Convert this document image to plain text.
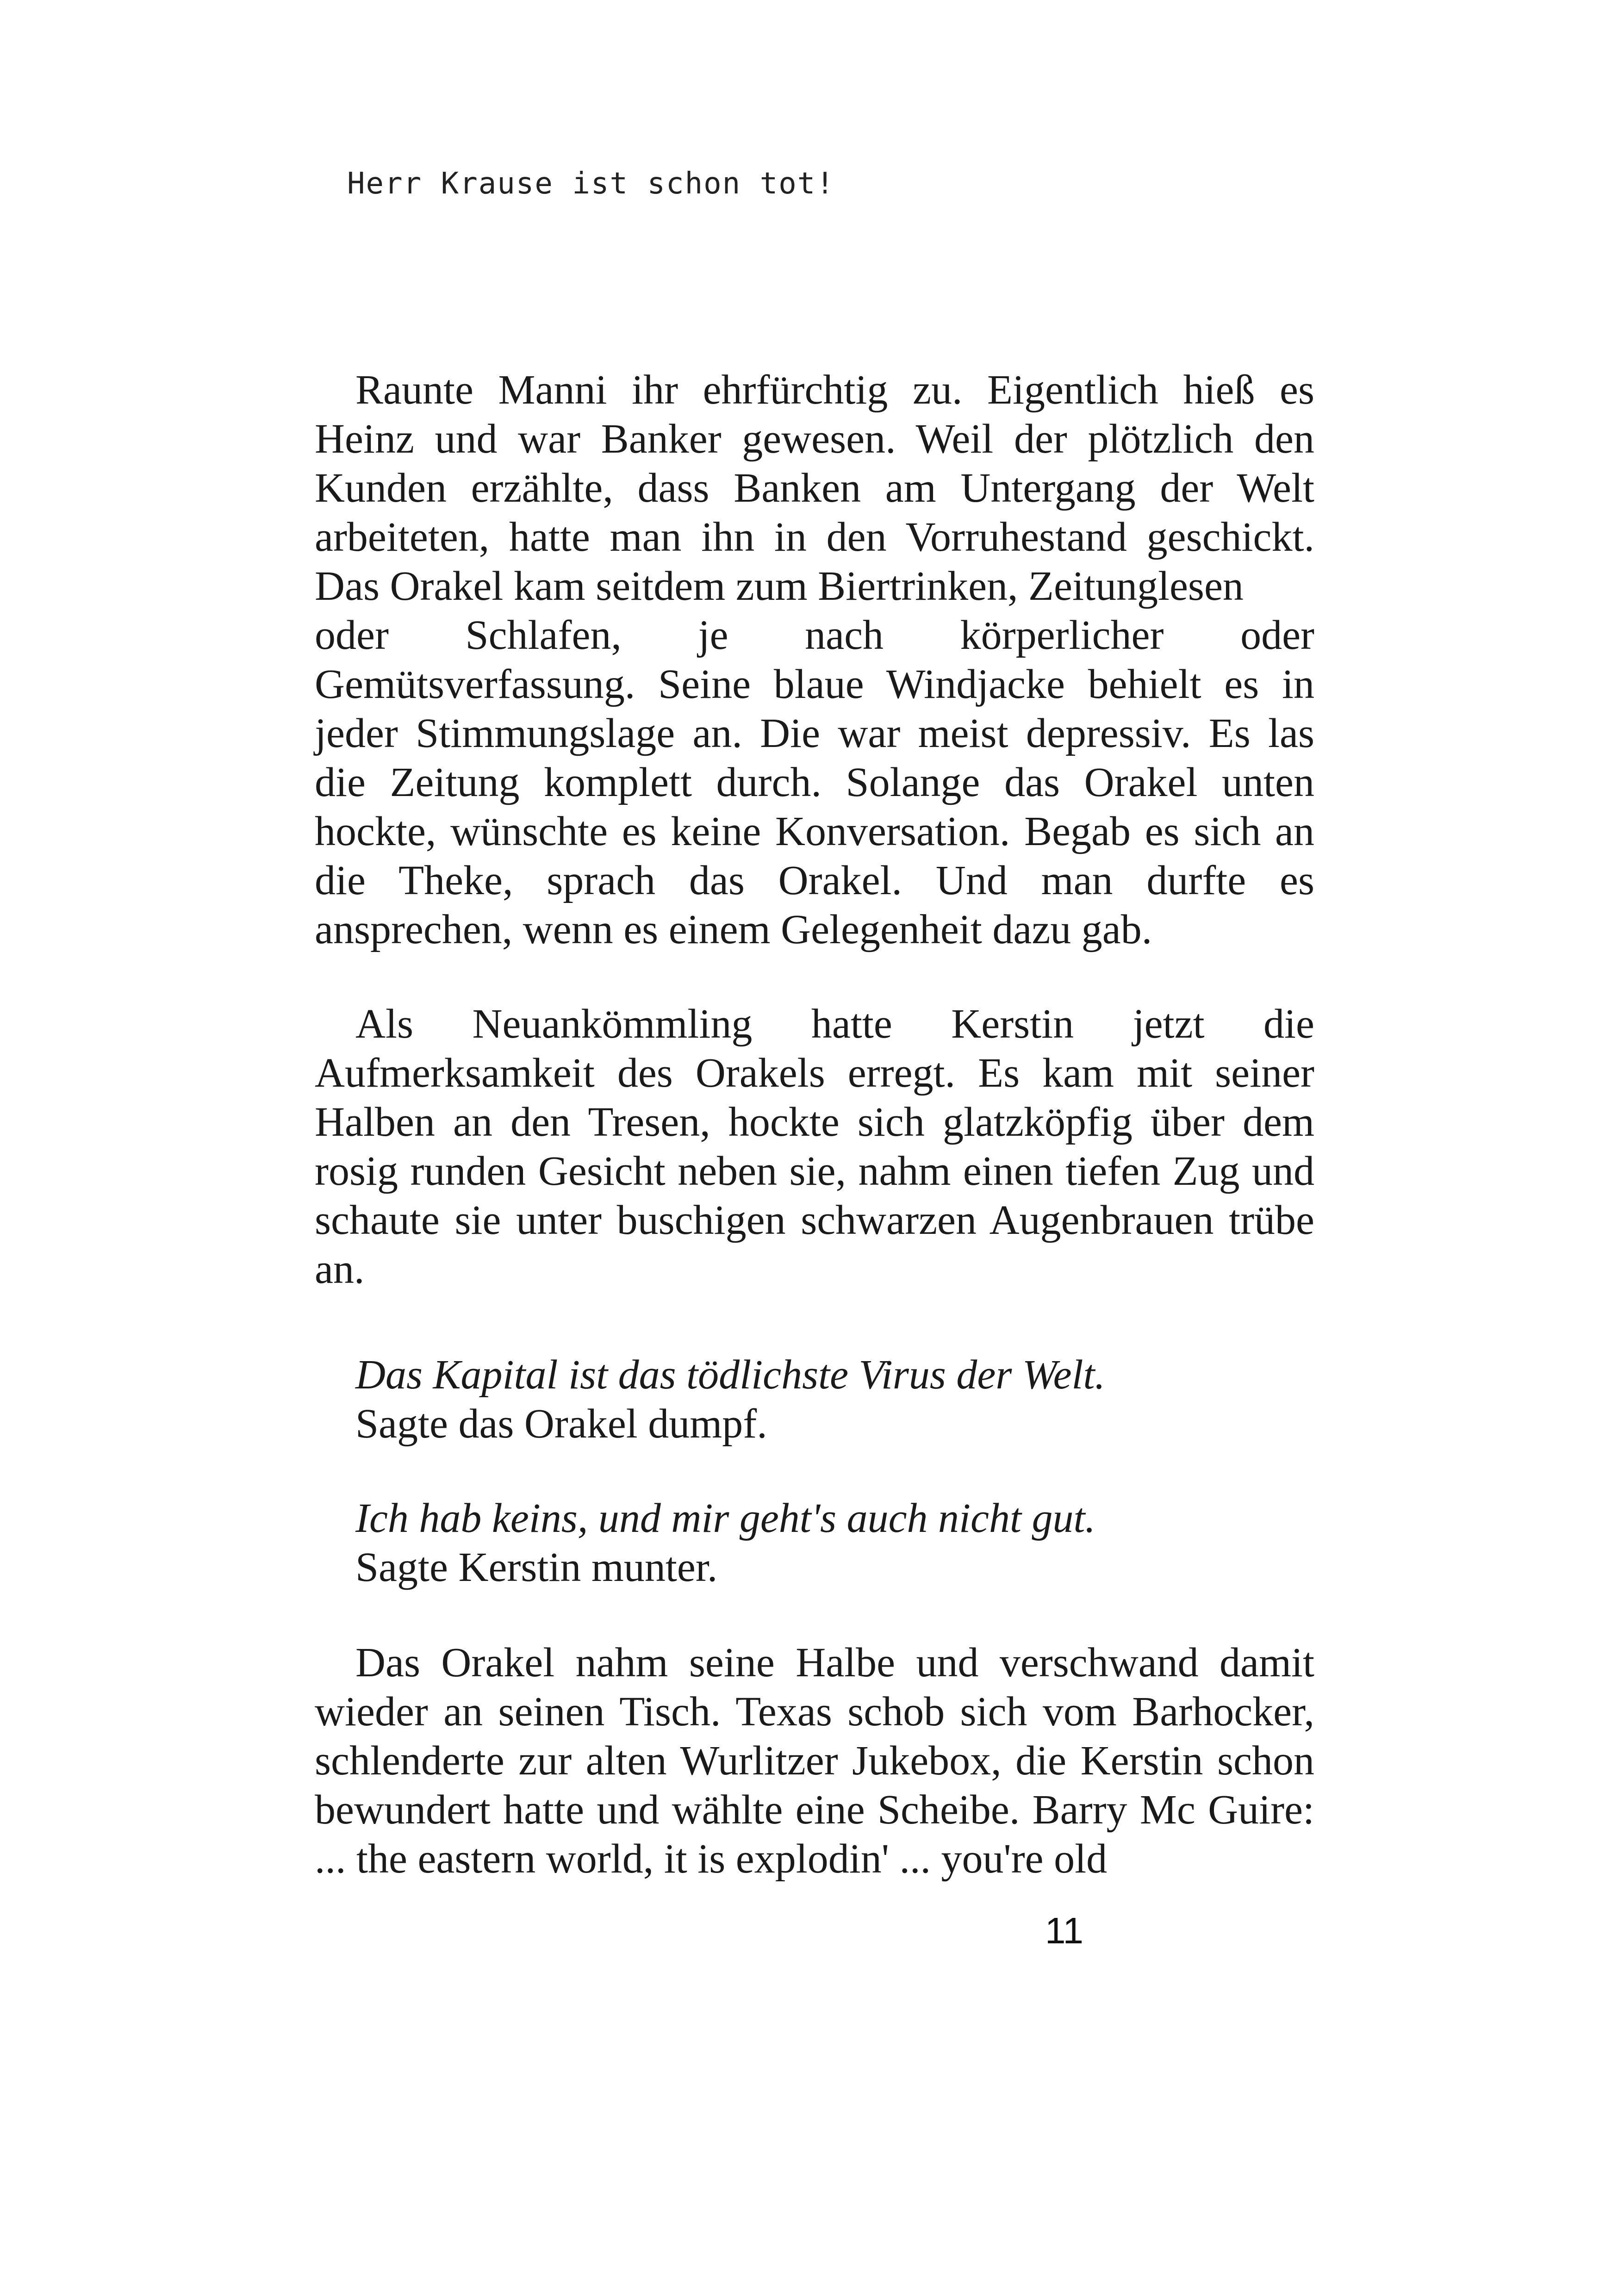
Herr Krause ist schon tot!
Raunte Manni ihr ehrfürchtig zu. Eigentlich hieß es Heinz und war Banker gewesen. Weil der plötzlich den Kunden erzählte, dass Banken am Untergang der Welt arbeiteten, hatte man ihn in den Vorruhestand geschickt. Das Orakel kam seitdem zum Biertrinken, Zeitunglesen
oder Schlafen, je nach körperlicher oder
Gemütsverfassung. Seine blaue Windjacke behielt es in jeder Stimmungslage an. Die war meist depressiv. Es las die Zeitung komplett durch. Solange das Orakel unten hockte, wünschte es keine Konversation. Begab es sich an die Theke, sprach das Orakel. Und man durfte es ansprechen, wenn es einem Gelegenheit dazu gab.
Als Neuankömmling hatte Kerstin jetzt die Aufmerksamkeit des Orakels erregt. Es kam mit seiner Halben an den Tresen, hockte sich glatzköpfig über dem rosig runden Gesicht neben sie, nahm einen tiefen Zug und schaute sie unter buschigen schwarzen Augenbrauen trübe an.
Das Kapital ist das tödlichste Virus der Welt.
Sagte das Orakel dumpf.
Ich hab keins, und mir geht's auch nicht gut.
Sagte Kerstin munter.
Das Orakel nahm seine Halbe und verschwand damit wieder an seinen Tisch. Texas schob sich vom Barhocker, schlenderte zur alten Wurlitzer Jukebox, die Kerstin schon bewundert hatte und wählte eine Scheibe. Barry Mc Guire: ... the eastern world, it is explodin' ... you're old
11
